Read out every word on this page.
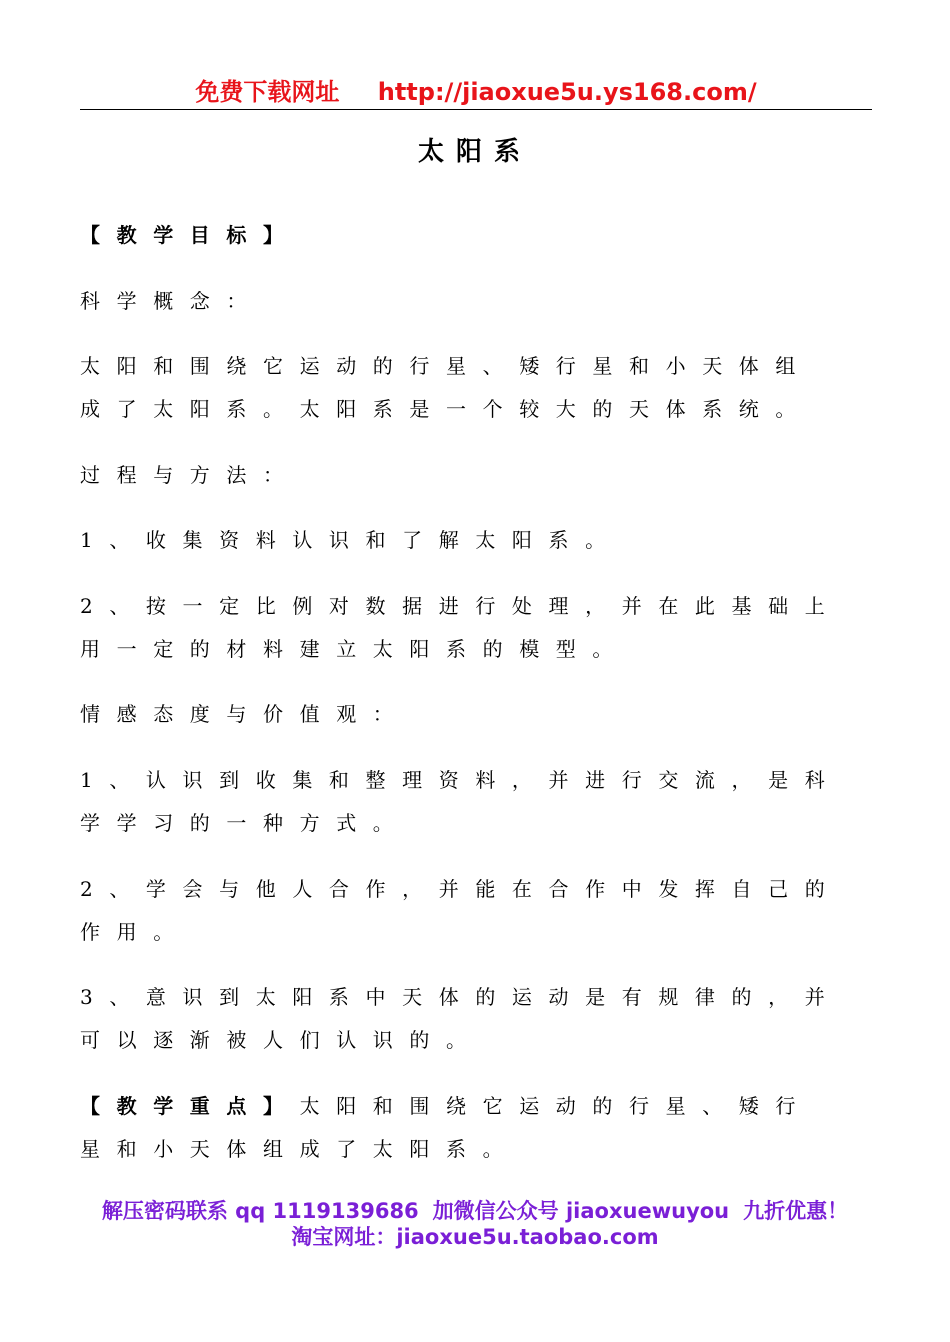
免费下载网址 http://jiaoxue5u.ys168.com/
太阳系
【教学目标】
科学概念：
太阳和围绕它运动的行星、矮行星和小天体组
成了太阳系。太阳系是一个较大的天体系统。
过程与方法：
1、收集资料认识和了解太阳系。
2、按一定比例对数据进行处理，并在此基础上
用一定的材料建立太阳系的模型。
情感态度与价值观：
1、认识到收集和整理资料，并进行交流，是科
学学习的一种方式。
2、学会与他人合作，并能在合作中发挥自己的
作用。
3、意识到太阳系中天体的运动是有规律的，并
可以逐渐被人们认识的。
【教学重点】太阳和围绕它运动的行星、矮行
星和小天体组成了太阳系。
解压密码联系 qq 1119139686 加微信公众号 jiaoxuewuyou 九折优惠！
淘宝网址：jiaoxue5u.taobao.com
